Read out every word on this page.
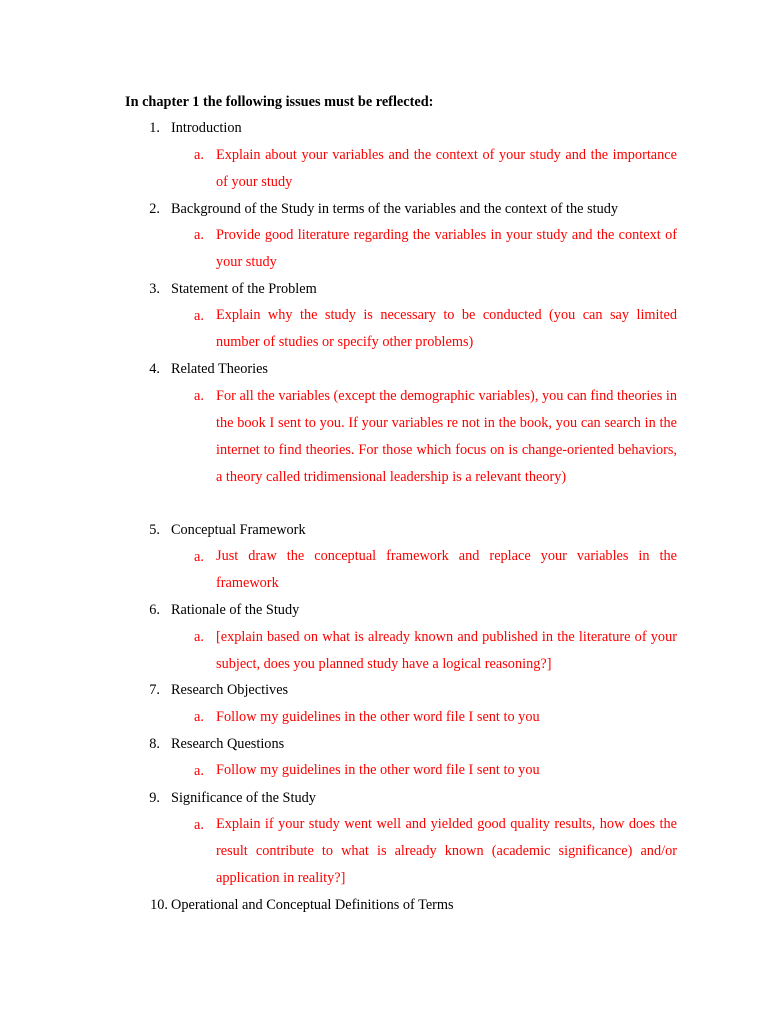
In chapter 1 the following issues must be reflected:
1. Introduction
a. Explain about your variables and the context of your study and the importance of your study
2. Background of the Study in terms of the variables and the context of the study
a. Provide good literature regarding the variables in your study and the context of your study
3. Statement of the Problem
a. Explain why the study is necessary to be conducted (you can say limited number of studies or specify other problems)
4. Related Theories
a. For all the variables (except the demographic variables), you can find theories in the book I sent to you. If your variables re not in the book, you can search in the internet to find theories. For those which focus on is change-oriented behaviors, a theory called tridimensional leadership is a relevant theory)
5. Conceptual Framework
a. Just draw the conceptual framework and replace your variables in the framework
6. Rationale of the Study
a. [explain based on what is already known and published in the literature of your subject, does you planned study have a logical reasoning?]
7. Research Objectives
a. Follow my guidelines in the other word file I sent to you
8. Research Questions
a. Follow my guidelines in the other word file I sent to you
9. Significance of the Study
a. Explain if your study went well and yielded good quality results, how does the result contribute to what is already known (academic significance) and/or application in reality?]
10. Operational and Conceptual Definitions of Terms
